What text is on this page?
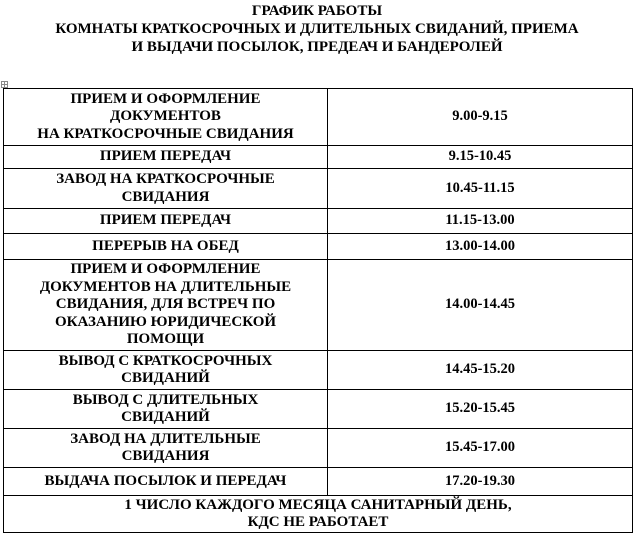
ГРАФИК РАБОТЫ
КОМНАТЫ КРАТКОСРОЧНЫХ И ДЛИТЕЛЬНЫХ СВИДАНИЙ, ПРИЕМА
И ВЫДАЧИ ПОСЫЛОК, ПРЕДЕАЧ И БАНДЕРОЛЕЙ
ПРИЕМ И ОФОРМЛЕНИЕ
ДОКУМЕНТОВ
НА КРАТКОСРОЧНЫЕ СВИДАНИЯ	9.00-9.15

ПРИЕМ ПЕРЕДАЧ	9.15-10.45

ЗАВОД НА КРАТКОСРОЧНЫЕ
СВИДАНИЯ	10.45-11.15

ПРИЕМ ПЕРЕДАЧ	11.15-13.00

ПЕРЕРЫВ НА ОБЕД	13.00-14.00

ПРИЕМ И ОФОРМЛЕНИЕ
ДОКУМЕНТОВ НА ДЛИТЕЛЬНЫЕ
СВИДАНИЯ, ДЛЯ ВСТРЕЧ ПО
ОКАЗАНИЮ ЮРИДИЧЕСКОЙ
ПОМОЩИ	14.00-14.45

ВЫВОД С КРАТКОСРОЧНЫХ
СВИДАНИЙ	14.45-15.20

ВЫВОД С ДЛИТЕЛЬНЫХ
СВИДАНИЙ	15.20-15.45

ЗАВОД НА ДЛИТЕЛЬНЫЕ
СВИДАНИЯ	15.45-17.00

ВЫДАЧА ПОСЫЛОК И ПЕРЕДАЧ	17.20-19.30

1 ЧИСЛО КАЖДОГО МЕСЯЦА САНИТАРНЫЙ ДЕНЬ,
КДС НЕ РАБОТАЕТ	
